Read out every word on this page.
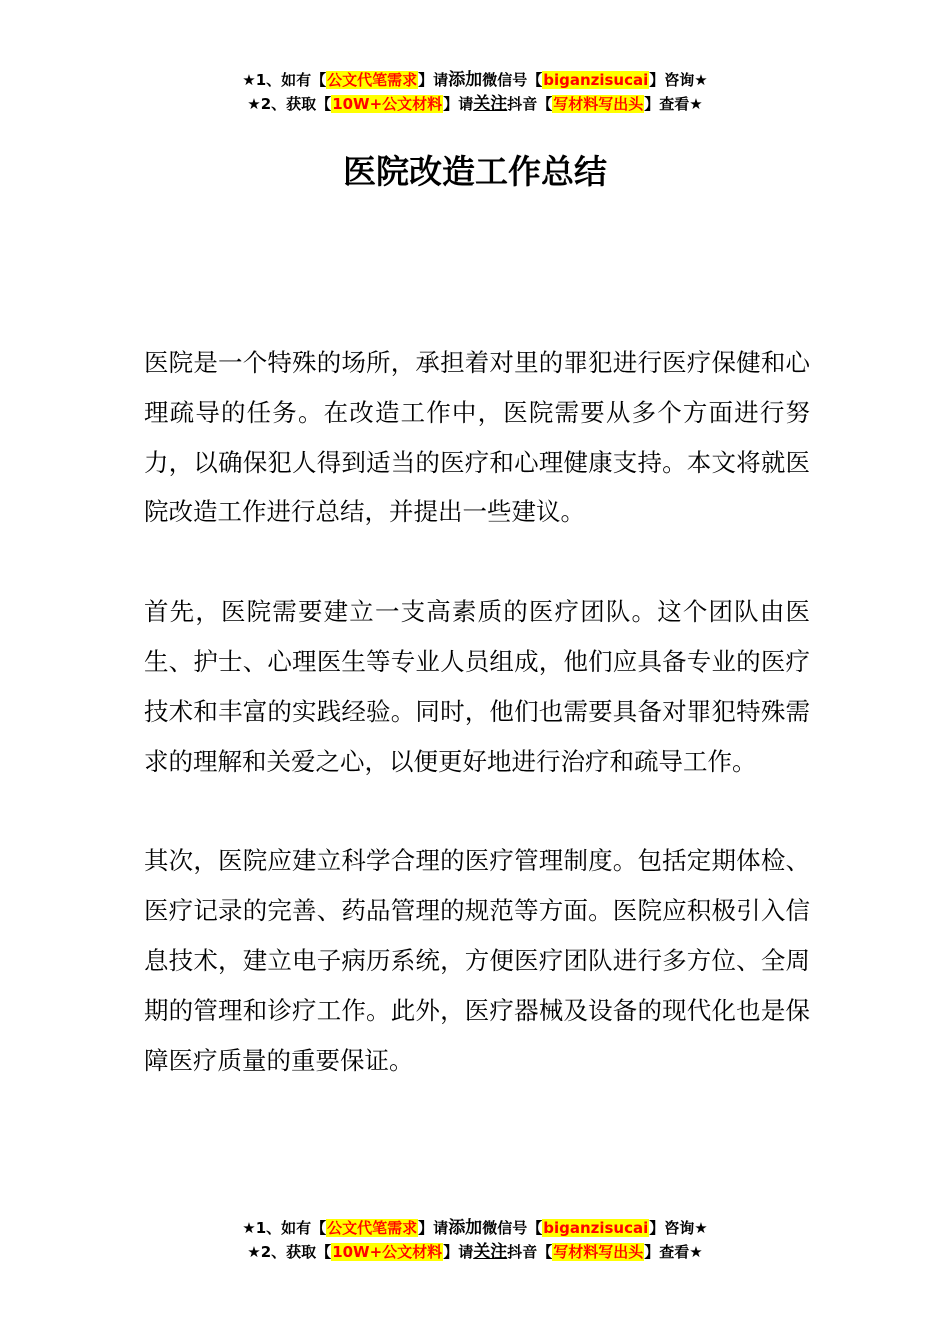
★1、如有【公文代笔需求】请添加微信号【biganzisucai】咨询★
★2、获取【10W+公文材料】请关注抖音【写材料写出头】查看★
医院改造工作总结

医院是一个特殊的场所，承担着对里的罪犯进行医疗保健和心理疏导的任务。在改造工作中，医院需要从多个方面进行努力，以确保犯人得到适当的医疗和心理健康支持。本文将就医院改造工作进行总结，并提出一些建议。

首先，医院需要建立一支高素质的医疗团队。这个团队由医生、护士、心理医生等专业人员组成，他们应具备专业的医疗技术和丰富的实践经验。同时，他们也需要具备对罪犯特殊需求的理解和关爱之心，以便更好地进行治疗和疏导工作。

其次，医院应建立科学合理的医疗管理制度。包括定期体检、医疗记录的完善、药品管理的规范等方面。医院应积极引入信息技术，建立电子病历系统，方便医疗团队进行多方位、全周期的管理和诊疗工作。此外，医疗器械及设备的现代化也是保障医疗质量的重要保证。

★1、如有【公文代笔需求】请添加微信号【biganzisucai】咨询★
★2、获取【10W+公文材料】请关注抖音【写材料写出头】查看★
